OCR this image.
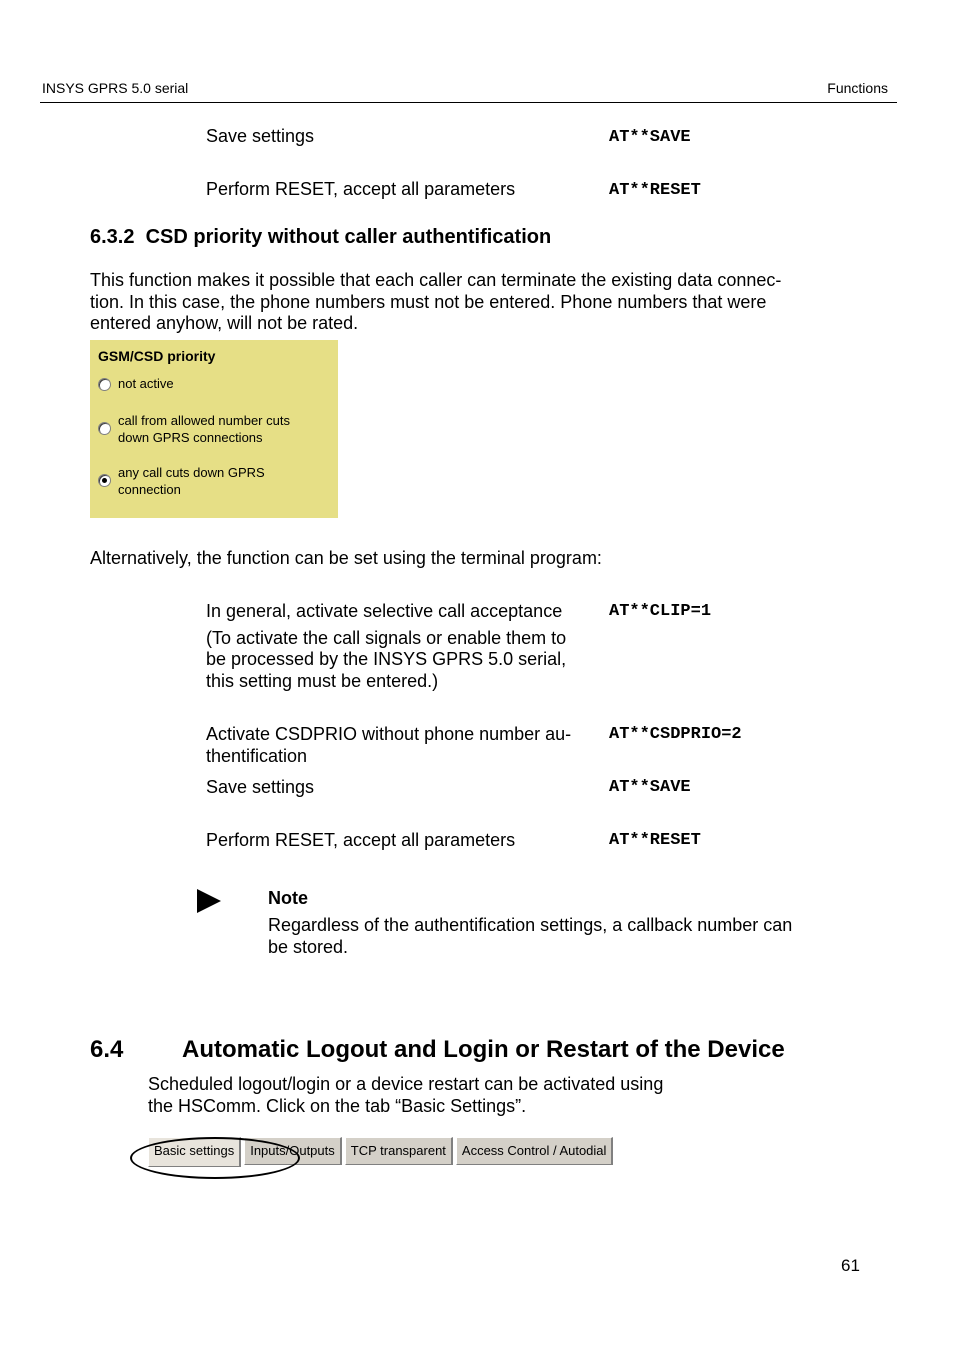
INSYS GPRS 5.0 serial	Functions
Save settings	AT**SAVE
Perform RESET, accept all parameters	AT**RESET
6.3.2 CSD priority without caller authentification
This function makes it possible that each caller can terminate the existing data connec-
tion. In this case, the phone numbers must not be entered. Phone numbers that were
entered anyhow, will not be rated.
GSM/CSD priority
not active
call from allowed number cuts
down GPRS connections
any call cuts down GPRS
connection
Alternatively, the function can be set using the terminal program:
In general, activate selective call acceptance
(To activate the call signals or enable them to
be processed by the INSYS GPRS 5.0 serial,
this setting must be entered.)
AT**CLIP=1
Activate CSDPRIO without phone number au-
thentification
AT**CSDPRIO=2
Save settings	AT**SAVE
Perform RESET, accept all parameters	AT**RESET
Note
Regardless of the authentification settings, a callback number can
be stored.
6.4 Automatic Logout and Login or Restart of the Device
Scheduled logout/login or a device restart can be activated using
the HSComm. Click on the tab “Basic Settings”.
Basic settings	Inputs/Outputs	TCP transparent	Access Control / Autodial
61
